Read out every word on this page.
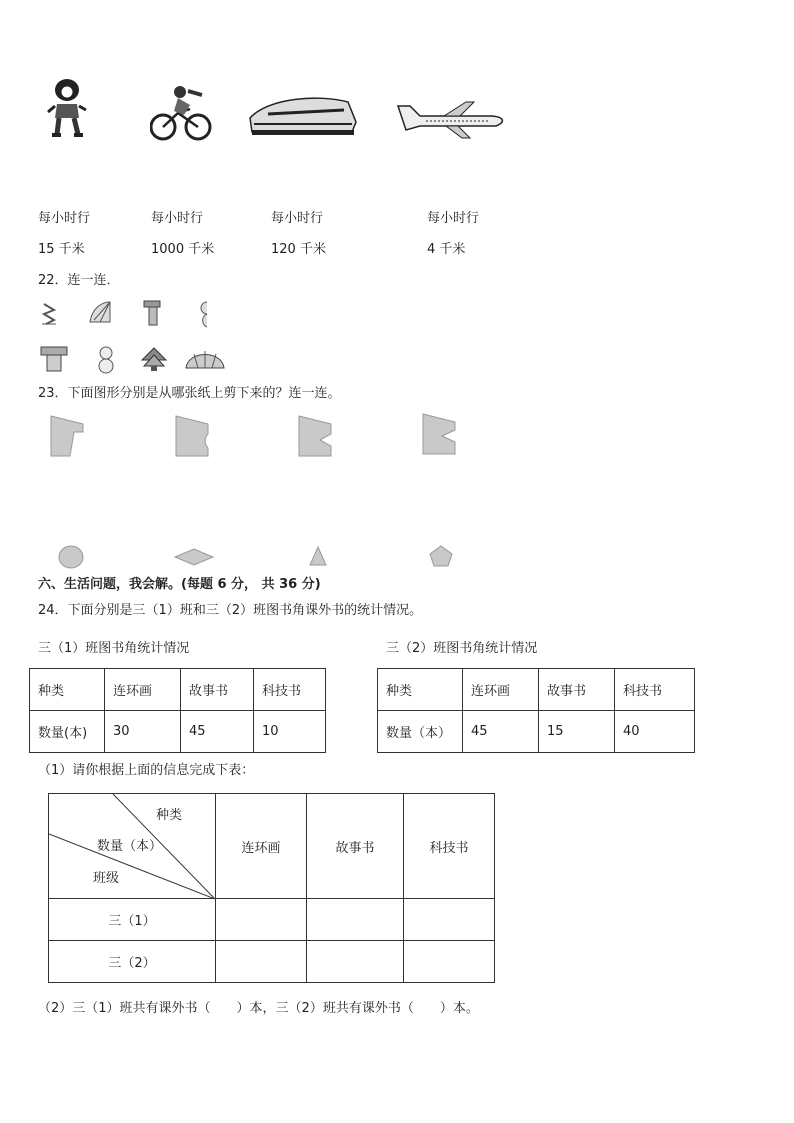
每小时行	每小时行	每小时行	每小时行
15 千米	1000 千米	120 千米	4 千米
22．连一连．
23．下面图形分别是从哪张纸上剪下来的？连一连。
六、生活问题，我会解。(每题 6 分， 共 36 分)
24．下面分别是三（1）班和三（2）班图书角课外书的统计情况。
三（1）班图书角统计情况	三（2）班图书角统计情况
种类	连环画	故事书	科技书
数量(本)	30	45	10
种类	连环画	故事书	科技书
数量（本）	45	15	40
（1）请你根据上面的信息完成下表：
种类
数量（本）
班级	连环画	故事书	科技书
三（1）			
三（2）			
（2）三（1）班共有课外书（　　）本，三（2）班共有课外书（　　）本。
